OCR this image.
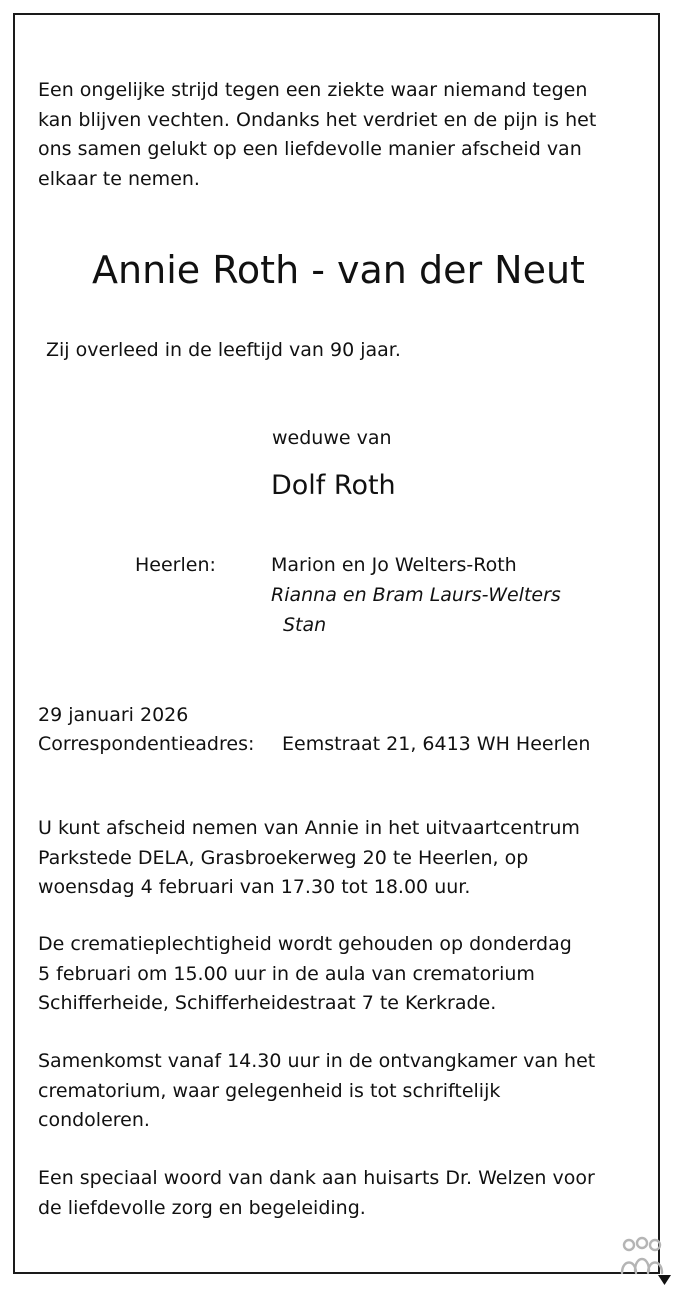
Een ongelijke strijd tegen een ziekte waar niemand tegen
kan blijven vechten. Ondanks het verdriet en de pijn is het
ons samen gelukt op een liefdevolle manier afscheid van
elkaar te nemen.

Annie Roth - van der Neut

Zij overleed in de leeftijd van 90 jaar.

weduwe van

Dolf Roth

Heerlen:	Marion en Jo Welters-Roth

Rianna en Bram Laurs-Welters

Stan

29 januari 2026

Correspondentieadres: Eemstraat 21, 6413 WH Heerlen

U kunt afscheid nemen van Annie in het uitvaartcentrum
Parkstede DELA, Grasbroekerweg 20 te Heerlen, op
woensdag 4 februari van 17.30 tot 18.00 uur.

De crematieplechtigheid wordt gehouden op donderdag
5 februari om 15.00 uur in de aula van crematorium
Schifferheide, Schifferheidestraat 7 te Kerkrade.

Samenkomst vanaf 14.30 uur in de ontvangkamer van het
crematorium, waar gelegenheid is tot schriftelijk
condoleren.

Een speciaal woord van dank aan huisarts Dr. Welzen voor
de liefdevolle zorg en begeleiding.
